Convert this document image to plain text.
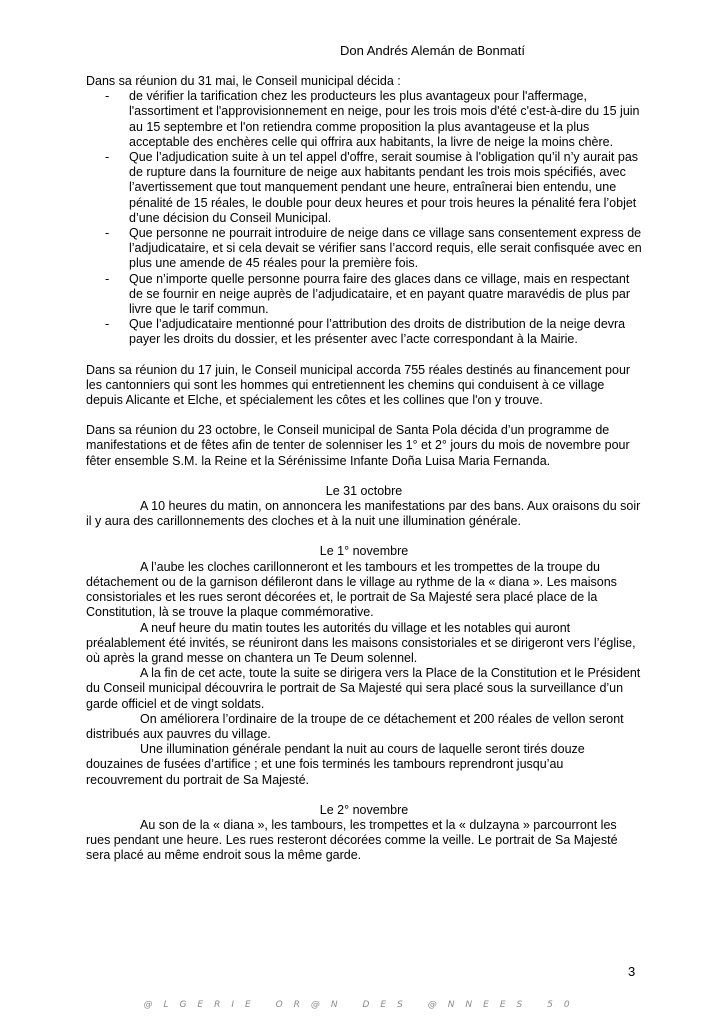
Don Andrés Alemán de Bonmatí

Dans sa réunion du 31 mai, le Conseil municipal décida :

- de vérifier la tarification chez les producteurs les plus avantageux pour l'affermage, l'assortiment et l'approvisionnement en neige, pour les trois mois d'été c'est-à-dire du 15 juin au 15 septembre et l'on retiendra comme proposition la plus avantageuse et la plus acceptable des enchères celle qui offrira aux habitants, la livre de neige la moins chère.
- Que l’adjudication suite à un tel appel d'offre, serait soumise à l'obligation qu’il n’y aurait pas de rupture dans la fourniture de neige aux habitants pendant les trois mois spécifiés, avec l’avertissement que tout manquement pendant une heure, entraînerai bien entendu, une pénalité de 15 réales, le double pour deux heures et pour trois heures la pénalité fera l’objet d’une décision du Conseil Municipal.
- Que personne ne pourrait introduire de neige dans ce village sans consentement express de l’adjudicataire, et si cela devait se vérifier sans l’accord requis, elle serait confisquée avec en plus une amende de 45 réales pour la première fois.
- Que n’importe quelle personne pourra faire des glaces dans ce village, mais en respectant de se fournir en neige auprès de l’adjudicataire, et en payant quatre maravédis de plus par livre que le tarif commun.
- Que l’adjudicataire mentionné pour l’attribution des droits de distribution de la neige devra payer les droits du dossier, et les présenter avec l’acte correspondant à la Mairie.

Dans sa réunion du 17 juin, le Conseil municipal accorda 755 réales destinés au financement pour les cantonniers qui sont les hommes qui entretiennent les chemins qui conduisent à ce village depuis Alicante et Elche, et spécialement les côtes et les collines que l'on y trouve.

Dans sa réunion du 23 octobre, le Conseil municipal de Santa Pola décida d’un programme de manifestations et de fêtes afin de tenter de solenniser les 1° et 2° jours du mois de novembre pour fêter ensemble S.M. la Reine et la Sérénissime Infante Doña Luisa Maria Fernanda.

Le 31 octobre

A 10 heures du matin, on annoncera les manifestations par des bans. Aux oraisons du soir il y aura des carillonnements des cloches et à la nuit une illumination générale.

Le 1° novembre

A l’aube les cloches carillonneront et les tambours et les trompettes de la troupe du détachement ou de la garnison défileront dans le village au rythme de la « diana ». Les maisons consistoriales et les rues seront décorées et, le portrait de Sa Majesté sera placé place de la Constitution, là se trouve la plaque commémorative.

A neuf heure du matin toutes les autorités du village et les notables qui auront préalablement été invités, se réuniront dans les maisons consistoriales et se dirigeront vers l’église, où après la grand messe on chantera un Te Deum solennel.

A la fin de cet acte, toute la suite se dirigera vers la Place de la Constitution et le Président du Conseil municipal découvrira le portrait de Sa Majesté qui sera placé sous la surveillance d’un garde officiel et de vingt soldats.

On améliorera l’ordinaire de la troupe de ce détachement et 200 réales de vellon seront distribués aux pauvres du village.

Une illumination générale pendant la nuit au cours de laquelle seront tirés douze douzaines de fusées d’artifice ; et une fois terminés les tambours reprendront jusqu’au recouvrement du portrait de Sa Majesté.

Le 2° novembre

Au son de la « diana », les tambours, les trompettes et la « dulzayna » parcourront les rues pendant une heure. Les rues resteront décorées comme la veille. Le portrait de Sa Majesté sera placé au même endroit sous la même garde.

3
@LGERIE OR@N DES @NNEES 50
